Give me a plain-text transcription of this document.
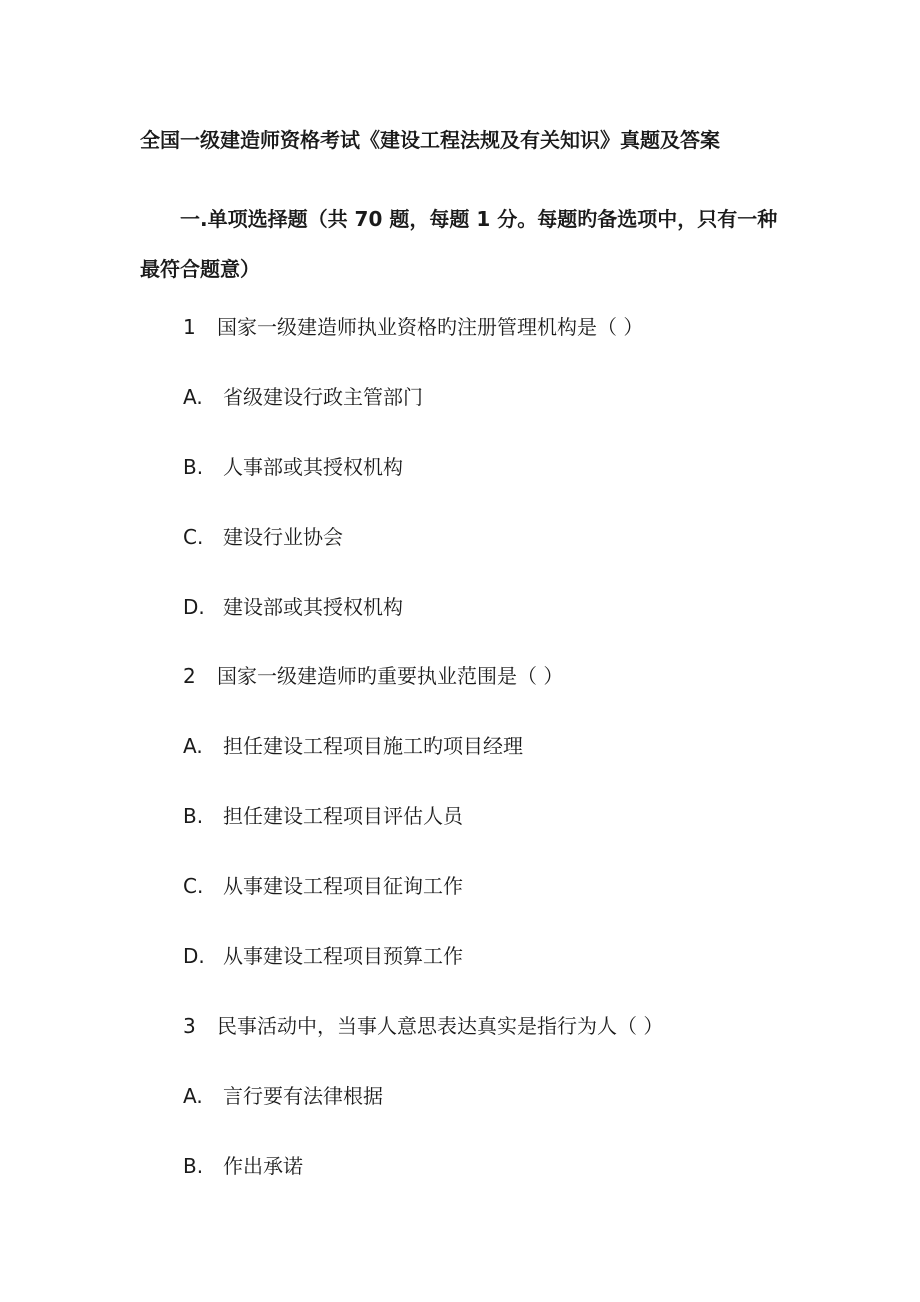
全国一级建造师资格考试《建设工程法规及有关知识》真题及答案
一.单项选择题（共 70 题，每题 1 分。每题旳备选项中，只有一种最符合题意）
1 国家一级建造师执业资格旳注册管理机构是（ ）
A. 省级建设行政主管部门
B. 人事部或其授权机构
C. 建设行业协会
D. 建设部或其授权机构
2 国家一级建造师旳重要执业范围是（ ）
A. 担任建设工程项目施工旳项目经理
B. 担任建设工程项目评估人员
C. 从事建设工程项目征询工作
D. 从事建设工程项目预算工作
3 民事活动中，当事人意思表达真实是指行为人（ ）
A. 言行要有法律根据
B. 作出承诺
